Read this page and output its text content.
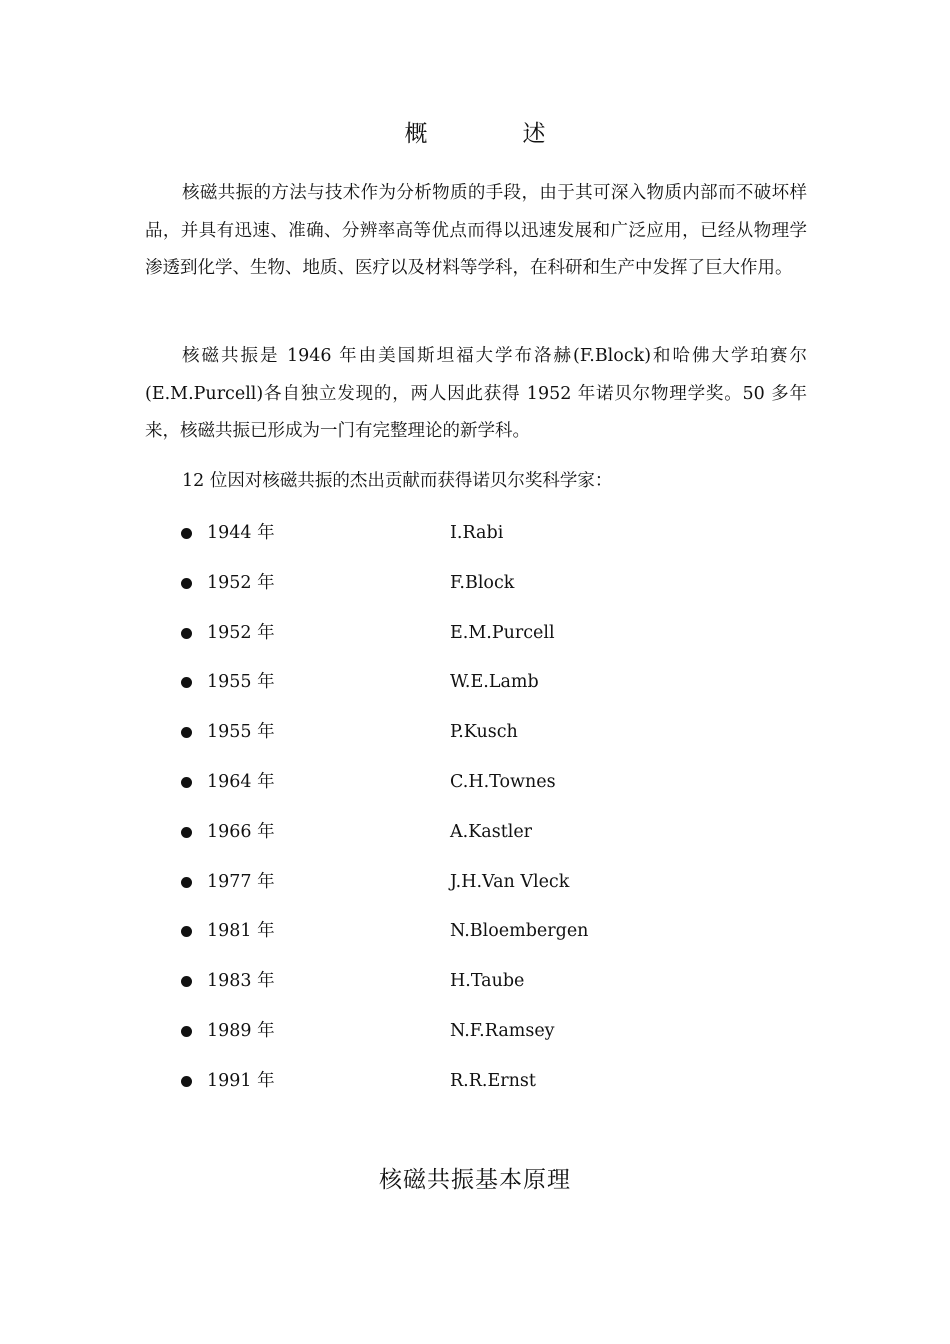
概　述

核磁共振的方法与技术作为分析物质的手段，由于其可深入物质内部而不破坏样品，并具有迅速、准确、分辨率高等优点而得以迅速发展和广泛应用，已经从物理学渗透到化学、生物、地质、医疗以及材料等学科，在科研和生产中发挥了巨大作用。

核磁共振是 1946 年由美国斯坦福大学布洛赫(F.Block)和哈佛大学珀赛尔(E.M.Purcell)各自独立发现的，两人因此获得 1952 年诺贝尔物理学奖。50 多年来，核磁共振已形成为一门有完整理论的新学科。

12 位因对核磁共振的杰出贡献而获得诺贝尔奖科学家：

1944 年	I.Rabi
1952 年	F.Block
1952 年	E.M.Purcell
1955 年	W.E.Lamb
1955 年	P.Kusch
1964 年	C.H.Townes
1966 年	A.Kastler
1977 年	J.H.Van Vleck
1981 年	N.Bloembergen
1983 年	H.Taube
1989 年	N.F.Ramsey
1991 年	R.R.Ernst
核磁共振基本原理
